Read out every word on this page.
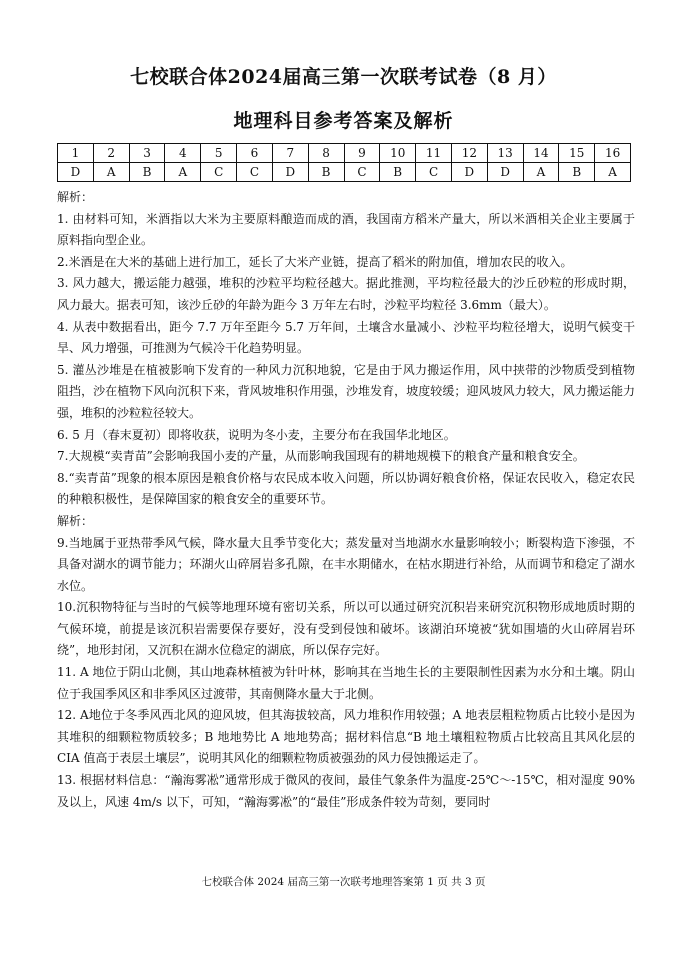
七校联合体2024届高三第一次联考试卷（8 月）
地理科目参考答案及解析
1	2	3	4	5	6	7	8	9	10	11	12	13	14	15	16
D	A	B	A	C	C	D	B	C	B	C	D	D	A	B	A

解析：

1. 由材料可知，米酒指以大米为主要原料酿造而成的酒，我国南方稻米产量大，所以米酒相关企业主要属于原料指向型企业。

2.米酒是在大米的基础上进行加工，延长了大米产业链，提高了稻米的附加值，增加农民的收入。

3. 风力越大，搬运能力越强，堆积的沙粒平均粒径越大。据此推测，平均粒径最大的沙丘砂粒的形成时期，风力最大。据表可知，该沙丘砂的年龄为距今 3 万年左右时，沙粒平均粒径 3.6mm（最大）。

4. 从表中数据看出，距今 7.7 万年至距今 5.7 万年间，土壤含水量减小、沙粒平均粒径增大，说明气候变干旱、风力增强，可推测为气候冷干化趋势明显。

5. 灌丛沙堆是在植被影响下发育的一种风力沉积地貌，它是由于风力搬运作用，风中挟带的沙物质受到植物阻挡，沙在植物下风向沉积下来，背风坡堆积作用强，沙堆发育，坡度较缓；迎风坡风力较大，风力搬运能力强，堆积的沙粒粒径较大。

6. 5 月（春末夏初）即将收获，说明为冬小麦，主要分布在我国华北地区。

7.大规模“卖青苗”会影响我国小麦的产量，从而影响我国现有的耕地规模下的粮食产量和粮食安全。

8.“卖青苗”现象的根本原因是粮食价格与农民成本收入问题，所以协调好粮食价格，保证农民收入，稳定农民的种粮积极性，是保障国家的粮食安全的重要环节。

解析：

9.当地属于亚热带季风气候，降水量大且季节变化大；蒸发量对当地湖水水量影响较小；断裂构造下渗强，不具备对湖水的调节能力；环湖火山碎屑岩多孔隙，在丰水期储水，在枯水期进行补给，从而调节和稳定了湖水水位。

10.沉积物特征与当时的气候等地理环境有密切关系，所以可以通过研究沉积岩来研究沉积物形成地质时期的气候环境，前提是该沉积岩需要保存要好，没有受到侵蚀和破坏。该湖泊环境被“犹如围墙的火山碎屑岩环绕”，地形封闭，又沉积在湖水位稳定的湖底，所以保存完好。

11. A 地位于阴山北侧，其山地森林植被为针叶林，影响其在当地生长的主要限制性因素为水分和土壤。阴山位于我国季风区和非季风区过渡带，其南侧降水量大于北侧。

12. A地位于冬季风西北风的迎风坡，但其海拔较高，风力堆积作用较强；A 地表层粗粒物质占比较小是因为其堆积的细颗粒物质较多；B 地地势比 A 地地势高；据材料信息“B 地土壤粗粒物质占比较高且其风化层的 CIA 值高于表层土壤层”，说明其风化的细颗粒物质被强劲的风力侵蚀搬运走了。

13. 根据材料信息：“瀚海雾凇”通常形成于微风的夜间，最佳气象条件为温度-25℃～-15℃，相对湿度 90%及以上，风速 4m/s 以下，可知，“瀚海雾凇”的“最佳”形成条件较为苛刻，要同时

七校联合体 2024 届高三第一次联考地理答案第 1 页 共 3 页
